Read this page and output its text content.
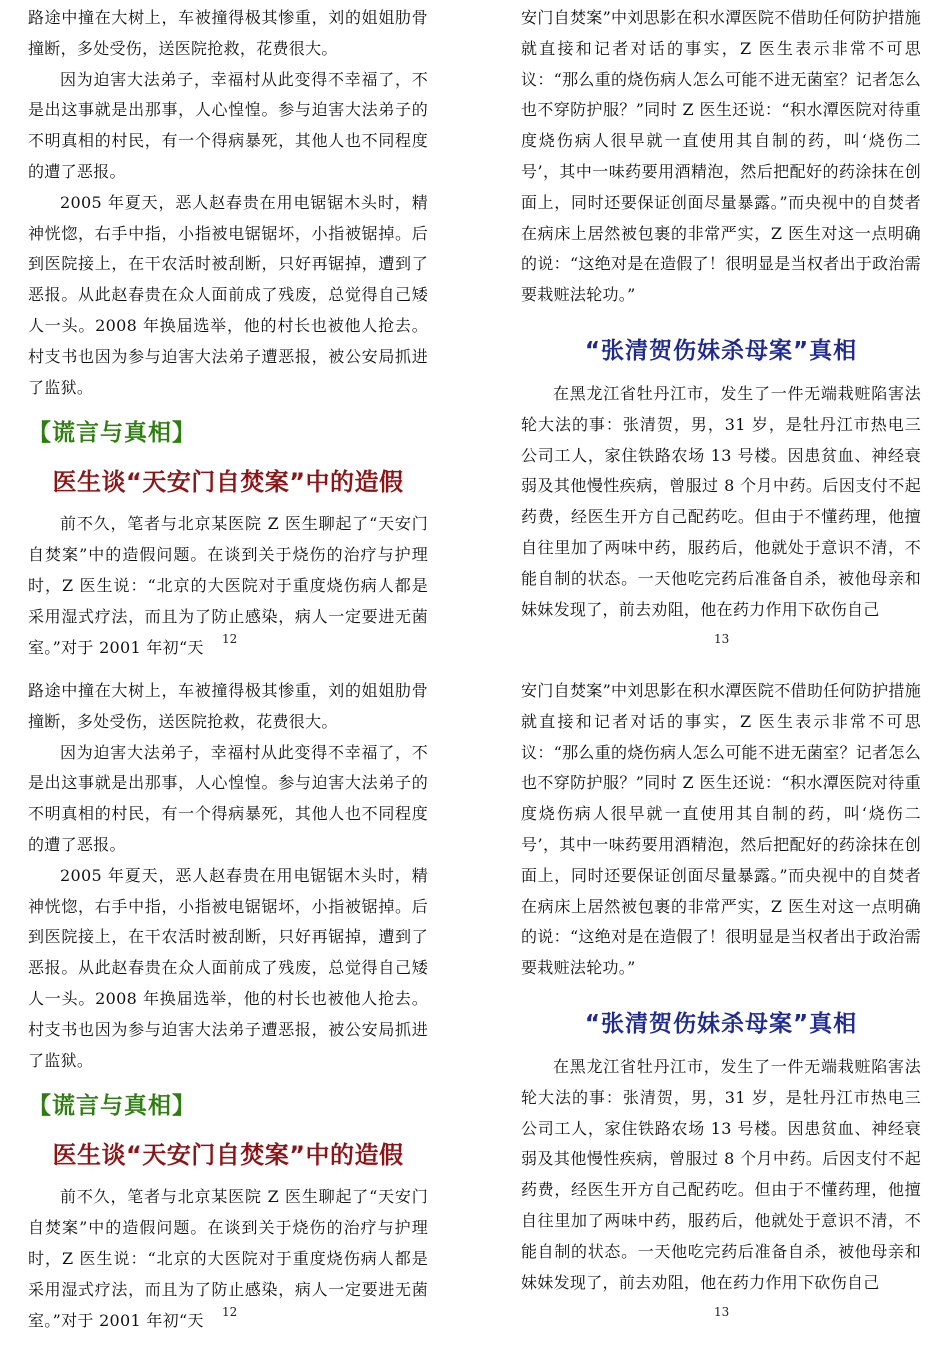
路途中撞在大树上，车被撞得极其惨重，刘的姐姐肋骨撞断，多处受伤，送医院抢救，花费很大。

因为迫害大法弟子，幸福村从此变得不幸福了，不是出这事就是出那事，人心惶惶。参与迫害大法弟子的不明真相的村民，有一个得病暴死，其他人也不同程度的遭了恶报。

2005 年夏天，恶人赵春贵在用电锯锯木头时，精神恍惚，右手中指，小指被电锯锯坏，小指被锯掉。后到医院接上，在干农活时被刮断，只好再锯掉，遭到了恶报。从此赵春贵在众人面前成了残废，总觉得自己矮人一头。2008 年换届选举，他的村长也被他人抢去。村支书也因为参与迫害大法弟子遭恶报，被公安局抓进了监狱。

【谎言与真相】

医生谈“天安门自焚案”中的造假

前不久，笔者与北京某医院 Z 医生聊起了“天安门自焚案”中的造假问题。在谈到关于烧伤的治疗与护理时，Z 医生说：“北京的大医院对于重度烧伤病人都是采用湿式疗法，而且为了防止感染，病人一定要进无菌室。”对于 2001 年初“天	12

安门自焚案”中刘思影在积水潭医院不借助任何防护措施就直接和记者对话的事实，Z 医生表示非常不可思议：“那么重的烧伤病人怎么可能不进无菌室？记者怎么也不穿防护服？”同时 Z 医生还说：“积水潭医院对待重度烧伤病人很早就一直使用其自制的药，叫‘烧伤二号’，其中一味药要用酒精泡，然后把配好的药涂抹在创面上，同时还要保证创面尽量暴露。”而央视中的自焚者在病床上居然被包裹的非常严实，Z 医生对这一点明确的说：“这绝对是在造假了！很明显是当权者出于政治需要栽赃法轮功。”

“张清贺伤妹杀母案”真相

在黑龙江省牡丹江市，发生了一件无端栽赃陷害法轮大法的事：张清贺，男，31 岁，是牡丹江市热电三公司工人，家住铁路农场 13 号楼。因患贫血、神经衰弱及其他慢性疾病，曾服过 8 个月中药。后因支付不起药费，经医生开方自己配药吃。但由于不懂药理，他擅自往里加了两味中药，服药后，他就处于意识不清，不能自制的状态。一天他吃完药后准备自杀，被他母亲和妹妹发现了，前去劝阻，他在药力作用下砍伤自己

13

路途中撞在大树上，车被撞得极其惨重，刘的姐姐肋骨撞断，多处受伤，送医院抢救，花费很大。

因为迫害大法弟子，幸福村从此变得不幸福了，不是出这事就是出那事，人心惶惶。参与迫害大法弟子的不明真相的村民，有一个得病暴死，其他人也不同程度的遭了恶报。

2005 年夏天，恶人赵春贵在用电锯锯木头时，精神恍惚，右手中指，小指被电锯锯坏，小指被锯掉。后到医院接上，在干农活时被刮断，只好再锯掉，遭到了恶报。从此赵春贵在众人面前成了残废，总觉得自己矮人一头。2008 年换届选举，他的村长也被他人抢去。村支书也因为参与迫害大法弟子遭恶报，被公安局抓进了监狱。

【谎言与真相】

医生谈“天安门自焚案”中的造假

前不久，笔者与北京某医院 Z 医生聊起了“天安门自焚案”中的造假问题。在谈到关于烧伤的治疗与护理时，Z 医生说：“北京的大医院对于重度烧伤病人都是采用湿式疗法，而且为了防止感染，病人一定要进无菌室。”对于 2001 年初“天	12

安门自焚案”中刘思影在积水潭医院不借助任何防护措施就直接和记者对话的事实，Z 医生表示非常不可思议：“那么重的烧伤病人怎么可能不进无菌室？记者怎么也不穿防护服？”同时 Z 医生还说：“积水潭医院对待重度烧伤病人很早就一直使用其自制的药，叫‘烧伤二号’，其中一味药要用酒精泡，然后把配好的药涂抹在创面上，同时还要保证创面尽量暴露。”而央视中的自焚者在病床上居然被包裹的非常严实，Z 医生对这一点明确的说：“这绝对是在造假了！很明显是当权者出于政治需要栽赃法轮功。”

“张清贺伤妹杀母案”真相

在黑龙江省牡丹江市，发生了一件无端栽赃陷害法轮大法的事：张清贺，男，31 岁，是牡丹江市热电三公司工人，家住铁路农场 13 号楼。因患贫血、神经衰弱及其他慢性疾病，曾服过 8 个月中药。后因支付不起药费，经医生开方自己配药吃。但由于不懂药理，他擅自往里加了两味中药，服药后，他就处于意识不清，不能自制的状态。一天他吃完药后准备自杀，被他母亲和妹妹发现了，前去劝阻，他在药力作用下砍伤自己

13
